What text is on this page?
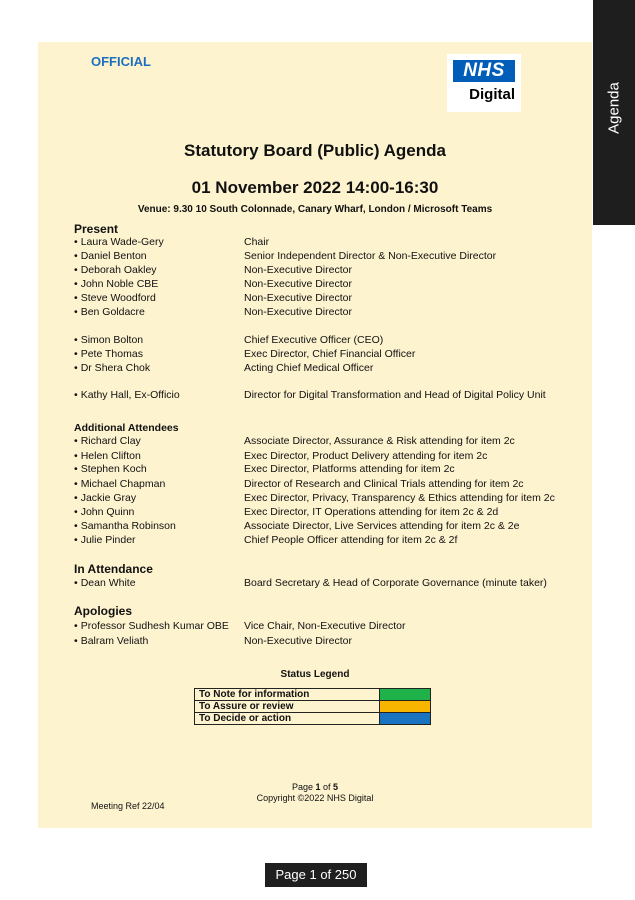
Agenda
OFFICIAL	NHS
Digital
Statutory Board (Public) Agenda
01 November 2022 14:00-16:30
Venue: 9.30 10 South Colonnade, Canary Wharf, London / Microsoft Teams
Present
• Laura Wade-Gery	Chair
• Daniel Benton	Senior Independent Director & Non-Executive Director
• Deborah Oakley	Non-Executive Director
• John Noble CBE	Non-Executive Director
• Steve Woodford	Non-Executive Director
• Ben Goldacre	Non-Executive Director
• Simon Bolton	Chief Executive Officer (CEO)
• Pete Thomas	Exec Director, Chief Financial Officer
• Dr Shera Chok	Acting Chief Medical Officer
• Kathy Hall, Ex-Officio	Director for Digital Transformation and Head of Digital Policy Unit
Additional Attendees
• Richard Clay	Associate Director, Assurance & Risk attending for item 2c
• Helen Clifton	Exec Director, Product Delivery attending for item 2c
• Stephen Koch	Exec Director, Platforms attending for item 2c
• Michael Chapman	Director of Research and Clinical Trials attending for item 2c
• Jackie Gray	Exec Director, Privacy, Transparency & Ethics attending for item 2c
• John Quinn	Exec Director, IT Operations attending for item 2c & 2d
• Samantha Robinson	Associate Director, Live Services attending for item 2c & 2e
• Julie Pinder	Chief People Officer attending for item 2c & 2f
In Attendance
• Dean White	Board Secretary & Head of Corporate Governance (minute taker)
Apologies
• Professor Sudhesh Kumar OBE Vice Chair, Non-Executive Director
• Balram Veliath	Non-Executive Director
Status Legend
To Note for information	
To Assure or review	
To Decide or action	
Page 1 of 5
Copyright ©2022 NHS Digital
Meeting Ref 22/04
Page 1 of 250
